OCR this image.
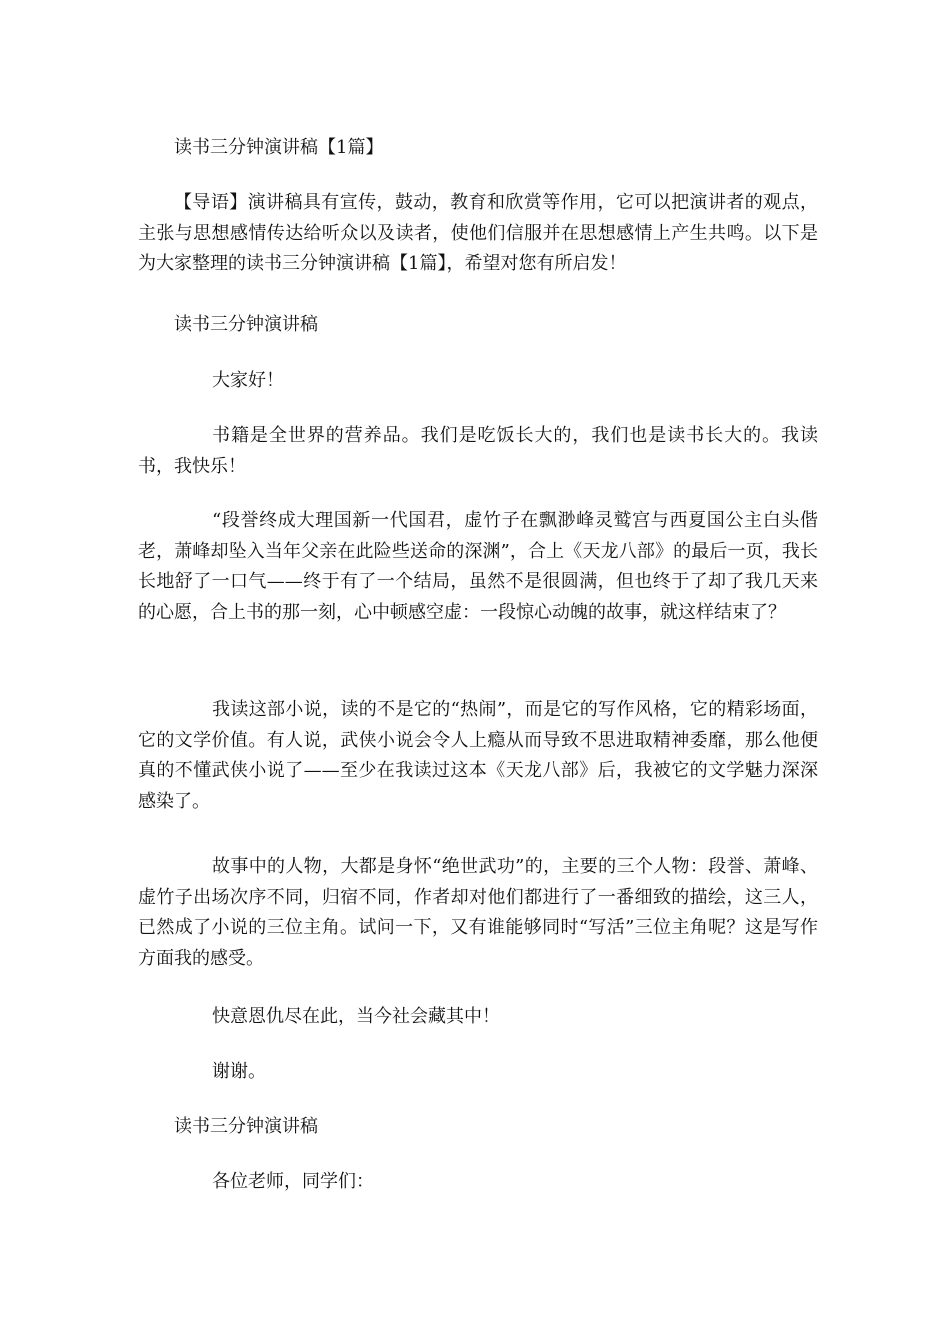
读书三分钟演讲稿【1篇】

【导语】演讲稿具有宣传，鼓动，教育和欣赏等作用，它可以把演讲者的观点，主张与思想感情传达给听众以及读者，使他们信服并在思想感情上产生共鸣。以下是为大家整理的读书三分钟演讲稿【1篇】，希望对您有所启发！

读书三分钟演讲稿

大家好！

书籍是全世界的营养品。我们是吃饭长大的，我们也是读书长大的。我读书，我快乐！

“段誉终成大理国新一代国君，虚竹子在飘渺峰灵鹫宫与西夏国公主白头偕老，萧峰却坠入当年父亲在此险些送命的深渊”，合上《天龙八部》的最后一页，我长长地舒了一口气——终于有了一个结局，虽然不是很圆满，但也终于了却了我几天来的心愿，合上书的那一刻，心中顿感空虚：一段惊心动魄的故事，就这样结束了？

我读这部小说，读的不是它的“热闹”，而是它的写作风格，它的精彩场面，它的文学价值。有人说，武侠小说会令人上瘾从而导致不思进取精神委靡，那么他便真的不懂武侠小说了——至少在我读过这本《天龙八部》后，我被它的文学魅力深深感染了。

故事中的人物，大都是身怀“绝世武功”的，主要的三个人物：段誉、萧峰、虚竹子出场次序不同，归宿不同，作者却对他们都进行了一番细致的描绘，这三人，已然成了小说的三位主角。试问一下，又有谁能够同时“写活”三位主角呢？这是写作方面我的感受。

快意恩仇尽在此，当今社会藏其中！

谢谢。

读书三分钟演讲稿

各位老师，同学们：
